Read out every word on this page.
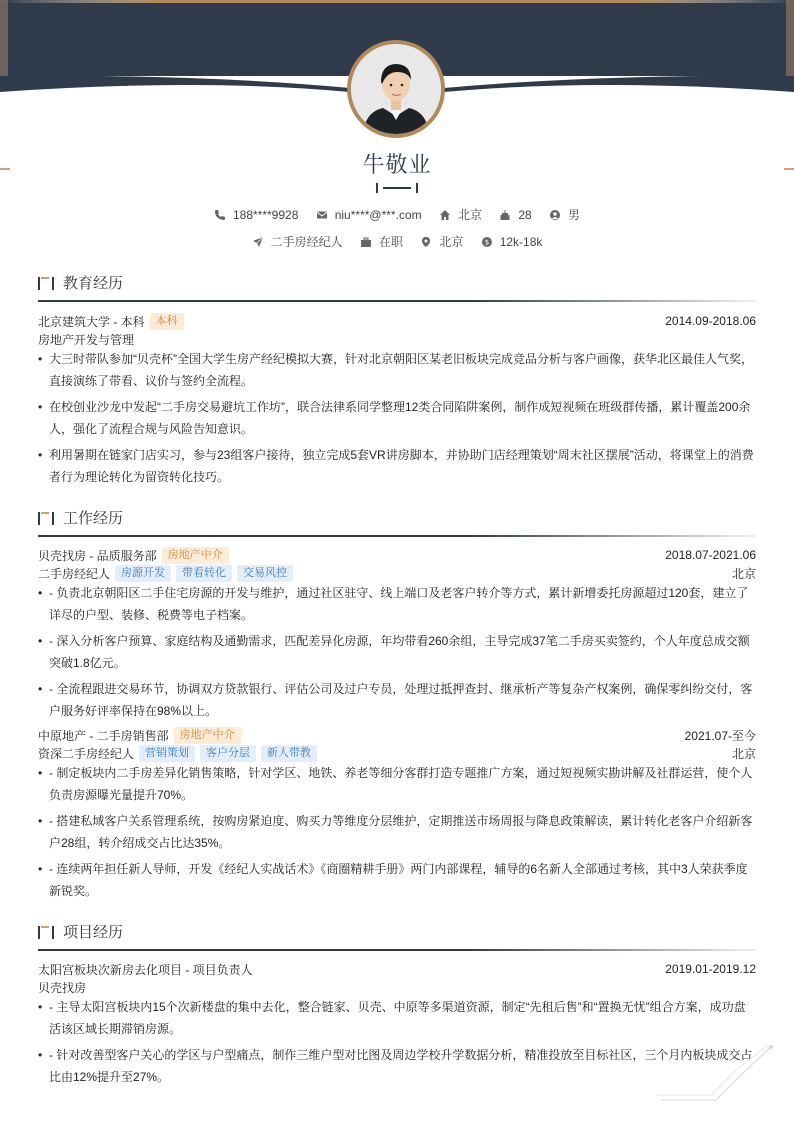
牛敬业
188****9928
	niu****@***.com
	北京
	28
	男
二手房经纪人
	在职
	北京
	$ 12k-18k
教育经历
北京建筑大学 - 本科	本科	2014.09-2018.06
房地产开发与管理
• 大三时带队参加“贝壳杯”全国大学生房产经纪模拟大赛，针对北京朝阳区某老旧板块完成竞品分析与客户画像，获华北区最佳人气奖，直接演练了带看、议价与签约全流程。
• 在校创业沙龙中发起“二手房交易避坑工作坊”，联合法律系同学整理12类合同陷阱案例，制作成短视频在班级群传播，累计覆盖200余人，强化了流程合规与风险告知意识。
• 利用暑期在链家门店实习，参与23组客户接待，独立完成5套VR讲房脚本，并协助门店经理策划“周末社区摆展”活动，将课堂上的消费者行为理论转化为留资转化技巧。
工作经历
贝壳找房 - 品质服务部	房地产中介	2018.07-2021.06
二手房经纪人	房源开发	带看转化	交易风控	北京
• - 负责北京朝阳区二手住宅房源的开发与维护，通过社区驻守、线上端口及老客户转介等方式，累计新增委托房源超过120套，建立了详尽的户型、装修、税费等电子档案。
• - 深入分析客户预算、家庭结构及通勤需求，匹配差异化房源，年均带看260余组，主导完成37笔二手房买卖签约，个人年度总成交额突破1.8亿元。
• - 全流程跟进交易环节，协调双方贷款银行、评估公司及过户专员，处理过抵押查封、继承析产等复杂产权案例，确保零纠纷交付，客户服务好评率保持在98%以上。
中原地产 - 二手房销售部	房地产中介	2021.07-至今
资深二手房经纪人	营销策划	客户分层	新人带教	北京
• - 制定板块内二手房差异化销售策略，针对学区、地铁、养老等细分客群打造专题推广方案，通过短视频实勘讲解及社群运营，使个人负责房源曝光量提升70%。
• - 搭建私域客户关系管理系统，按购房紧迫度、购买力等维度分层维护，定期推送市场周报与降息政策解读，累计转化老客户介绍新客户28组，转介绍成交占比达35%。
• - 连续两年担任新人导师，开发《经纪人实战话术》《商圈精耕手册》两门内部课程，辅导的6名新人全部通过考核，其中3人荣获季度新锐奖。
项目经历
太阳宫板块次新房去化项目 - 项目负责人	2019.01-2019.12
贝壳找房
• - 主导太阳宫板块内15个次新楼盘的集中去化，整合链家、贝壳、中原等多渠道资源，制定“先租后售”和“置换无忧”组合方案，成功盘活该区域长期滞销房源。
• - 针对改善型客户关心的学区与户型痛点，制作三维户型对比图及周边学校升学数据分析，精准投放至目标社区，三个月内板块成交占比由12%提升至27%。
